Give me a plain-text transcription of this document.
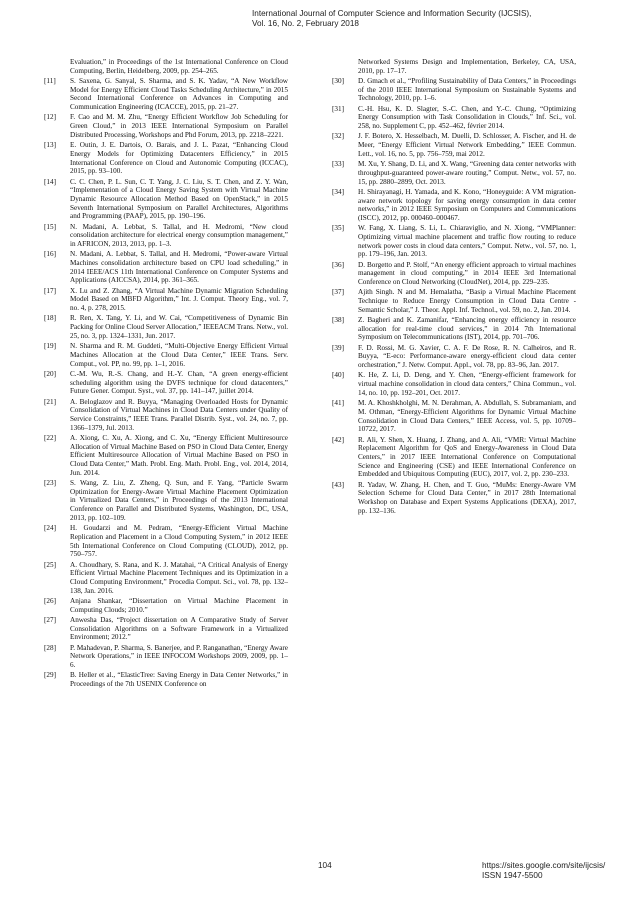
International Journal of Computer Science and Information Security (IJCSIS),
Vol. 16, No. 2, February 2018
Evaluation,” in Proceedings of the 1st International Conference on Cloud Computing, Berlin, Heidelberg, 2009, pp. 254–265.
[11] S. Saxena, G. Sanyal, S. Sharma, and S. K. Yadav, “A New Workflow Model for Energy Efficient Cloud Tasks Scheduling Architecture,” in 2015 Second International Conference on Advances in Computing and Communication Engineering (ICACCE), 2015, pp. 21–27.
[12] F. Cao and M. M. Zhu, “Energy Efficient Workflow Job Scheduling for Green Cloud,” in 2013 IEEE International Symposium on Parallel Distributed Processing, Workshops and Phd Forum, 2013, pp. 2218–2221.
[13] E. Outin, J. E. Dartois, O. Barais, and J. L. Pazat, “Enhancing Cloud Energy Models for Optimizing Datacenters Efficiency,” in 2015 International Conference on Cloud and Autonomic Computing (ICCAC), 2015, pp. 93–100.
[14] C. C. Chen, P. L. Sun, C. T. Yang, J. C. Liu, S. T. Chen, and Z. Y. Wan, “Implementation of a Cloud Energy Saving System with Virtual Machine Dynamic Resource Allocation Method Based on OpenStack,” in 2015 Seventh International Symposium on Parallel Architectures, Algorithms and Programming (PAAP), 2015, pp. 190–196.
[15] N. Madani, A. Lebbat, S. Tallal, and H. Medromi, “New cloud consolidation architecture for electrical energy consumption management,” in AFRICON, 2013, 2013, pp. 1–3.
[16] N. Madani, A. Lebbat, S. Tallal, and H. Medromi, “Power-aware Virtual Machines consolidation architecture based on CPU load scheduling,” in 2014 IEEE/ACS 11th International Conference on Computer Systems and Applications (AICCSA), 2014, pp. 361–365.
[17] X. Lu and Z. Zhang, “A Virtual Machine Dynamic Migration Scheduling Model Based on MBFD Algorithm,” Int. J. Comput. Theory Eng., vol. 7, no. 4, p. 278, 2015.
[18] R. Ren, X. Tang, Y. Li, and W. Cai, “Competitiveness of Dynamic Bin Packing for Online Cloud Server Allocation,” IEEEACM Trans. Netw., vol. 25, no. 3, pp. 1324–1331, Jun. 2017.
[19] N. Sharma and R. M. Guddeti, “Multi-Objective Energy Efficient Virtual Machines Allocation at the Cloud Data Center,” IEEE Trans. Serv. Comput., vol. PP, no. 99, pp. 1–1, 2016.
[20] C.-M. Wu, R.-S. Chang, and H.-Y. Chan, “A green energy-efficient scheduling algorithm using the DVFS technique for cloud datacenters,” Future Gener. Comput. Syst., vol. 37, pp. 141–147, juillet 2014.
[21] A. Beloglazov and R. Buyya, “Managing Overloaded Hosts for Dynamic Consolidation of Virtual Machines in Cloud Data Centers under Quality of Service Constraints,” IEEE Trans. Parallel Distrib. Syst., vol. 24, no. 7, pp. 1366–1379, Jul. 2013.
[22] A. Xiong, C. Xu, A. Xiong, and C. Xu, “Energy Efficient Multiresource Allocation of Virtual Machine Based on PSO in Cloud Data Center, Energy Efficient Multiresource Allocation of Virtual Machine Based on PSO in Cloud Data Center,” Math. Probl. Eng. Math. Probl. Eng., vol. 2014, 2014, Jun. 2014.
[23] S. Wang, Z. Liu, Z. Zheng, Q. Sun, and F. Yang, “Particle Swarm Optimization for Energy-Aware Virtual Machine Placement Optimization in Virtualized Data Centers,” in Proceedings of the 2013 International Conference on Parallel and Distributed Systems, Washington, DC, USA, 2013, pp. 102–109.
[24] H. Goudarzi and M. Pedram, “Energy-Efficient Virtual Machine Replication and Placement in a Cloud Computing System,” in 2012 IEEE 5th International Conference on Cloud Computing (CLOUD), 2012, pp. 750–757.
[25] A. Choudhary, S. Rana, and K. J. Matahai, “A Critical Analysis of Energy Efficient Virtual Machine Placement Techniques and its Optimization in a Cloud Computing Environment,” Procedia Comput. Sci., vol. 78, pp. 132–138, Jan. 2016.
[26] Anjana Shankar, “Dissertation on Virtual Machine Placement in Computing Clouds; 2010.”
[27] Anwesha Das, “Project dissertation on A Comparative Study of Server Consolidation Algorithms on a Software Framework in a Virtualized Environment; 2012.”
[28] P. Mahadevan, P. Sharma, S. Banerjee, and P. Ranganathan, “Energy Aware Network Operations,” in IEEE INFOCOM Workshops 2009, 2009, pp. 1–6.
[29] B. Heller et al., “ElasticTree: Saving Energy in Data Center Networks,” in Proceedings of the 7th USENIX Conference on
Networked Systems Design and Implementation, Berkeley, CA, USA, 2010, pp. 17–17.
[30] D. Gmach et al., “Profiling Sustainability of Data Centers,” in Proceedings of the 2010 IEEE International Symposium on Sustainable Systems and Technology, 2010, pp. 1–6.
[31] C.-H. Hsu, K. D. Slagter, S.-C. Chen, and Y.-C. Chung, “Optimizing Energy Consumption with Task Consolidation in Clouds,” Inf. Sci., vol. 258, no. Supplement C, pp. 452–462, février 2014.
[32] J. F. Botero, X. Hesselbach, M. Duelli, D. Schlosser, A. Fischer, and H. de Meer, “Energy Efficient Virtual Network Embedding,” IEEE Commun. Lett., vol. 16, no. 5, pp. 756–759, mai 2012.
[33] M. Xu, Y. Shang, D. Li, and X. Wang, “Greening data center networks with throughput-guaranteed power-aware routing,” Comput. Netw., vol. 57, no. 15, pp. 2880–2899, Oct. 2013.
[34] H. Shirayanagi, H. Yamada, and K. Kono, “Honeyguide: A VM migration-aware network topology for saving energy consumption in data center networks,” in 2012 IEEE Symposium on Computers and Communications (ISCC), 2012, pp. 000460–000467.
[35] W. Fang, X. Liang, S. Li, L. Chiaraviglio, and N. Xiong, “VMPlanner: Optimizing virtual machine placement and traffic flow routing to reduce network power costs in cloud data centers,” Comput. Netw., vol. 57, no. 1, pp. 179–196, Jan. 2013.
[36] D. Borgetto and P. Stolf, “An energy efficient approach to virtual machines management in cloud computing,” in 2014 IEEE 3rd International Conference on Cloud Networking (CloudNet), 2014, pp. 229–235.
[37] Ajith Singh. N and M. Hemalatha, “Basip a Virtual Machine Placement Technique to Reduce Energy Consumption in Cloud Data Centre - Semantic Scholar,” J. Theor. Appl. Inf. Technol., vol. 59, no. 2, Jan. 2014.
[38] Z. Bagheri and K. Zamanifar, “Enhancing energy efficiency in resource allocation for real-time cloud services,” in 2014 7th International Symposium on Telecommunications (IST), 2014, pp. 701–706.
[39] F. D. Rossi, M. G. Xavier, C. A. F. De Rose, R. N. Calheiros, and R. Buyya, “E-eco: Performance-aware energy-efficient cloud data center orchestration,” J. Netw. Comput. Appl., vol. 78, pp. 83–96, Jan. 2017.
[40] K. He, Z. Li, D. Deng, and Y. Chen, “Energy-efficient framework for virtual machine consolidation in cloud data centers,” China Commun., vol. 14, no. 10, pp. 192–201, Oct. 2017.
[41] M. A. Khoshkholghi, M. N. Derahman, A. Abdullah, S. Subramaniam, and M. Othman, “Energy-Efficient Algorithms for Dynamic Virtual Machine Consolidation in Cloud Data Centers,” IEEE Access, vol. 5, pp. 10709–10722, 2017.
[42] R. Ali, Y. Shen, X. Huang, J. Zhang, and A. Ali, “VMR: Virtual Machine Replacement Algorithm for QoS and Energy-Awareness in Cloud Data Centers,” in 2017 IEEE International Conference on Computational Science and Engineering (CSE) and IEEE International Conference on Embedded and Ubiquitous Computing (EUC), 2017, vol. 2, pp. 230–233.
[43] R. Yadav, W. Zhang, H. Chen, and T. Guo, “MuMs: Energy-Aware VM Selection Scheme for Cloud Data Center,” in 2017 28th International Workshop on Database and Expert Systems Applications (DEXA), 2017, pp. 132–136.
104	https://sites.google.com/site/ijcsis/
ISSN 1947-5500
